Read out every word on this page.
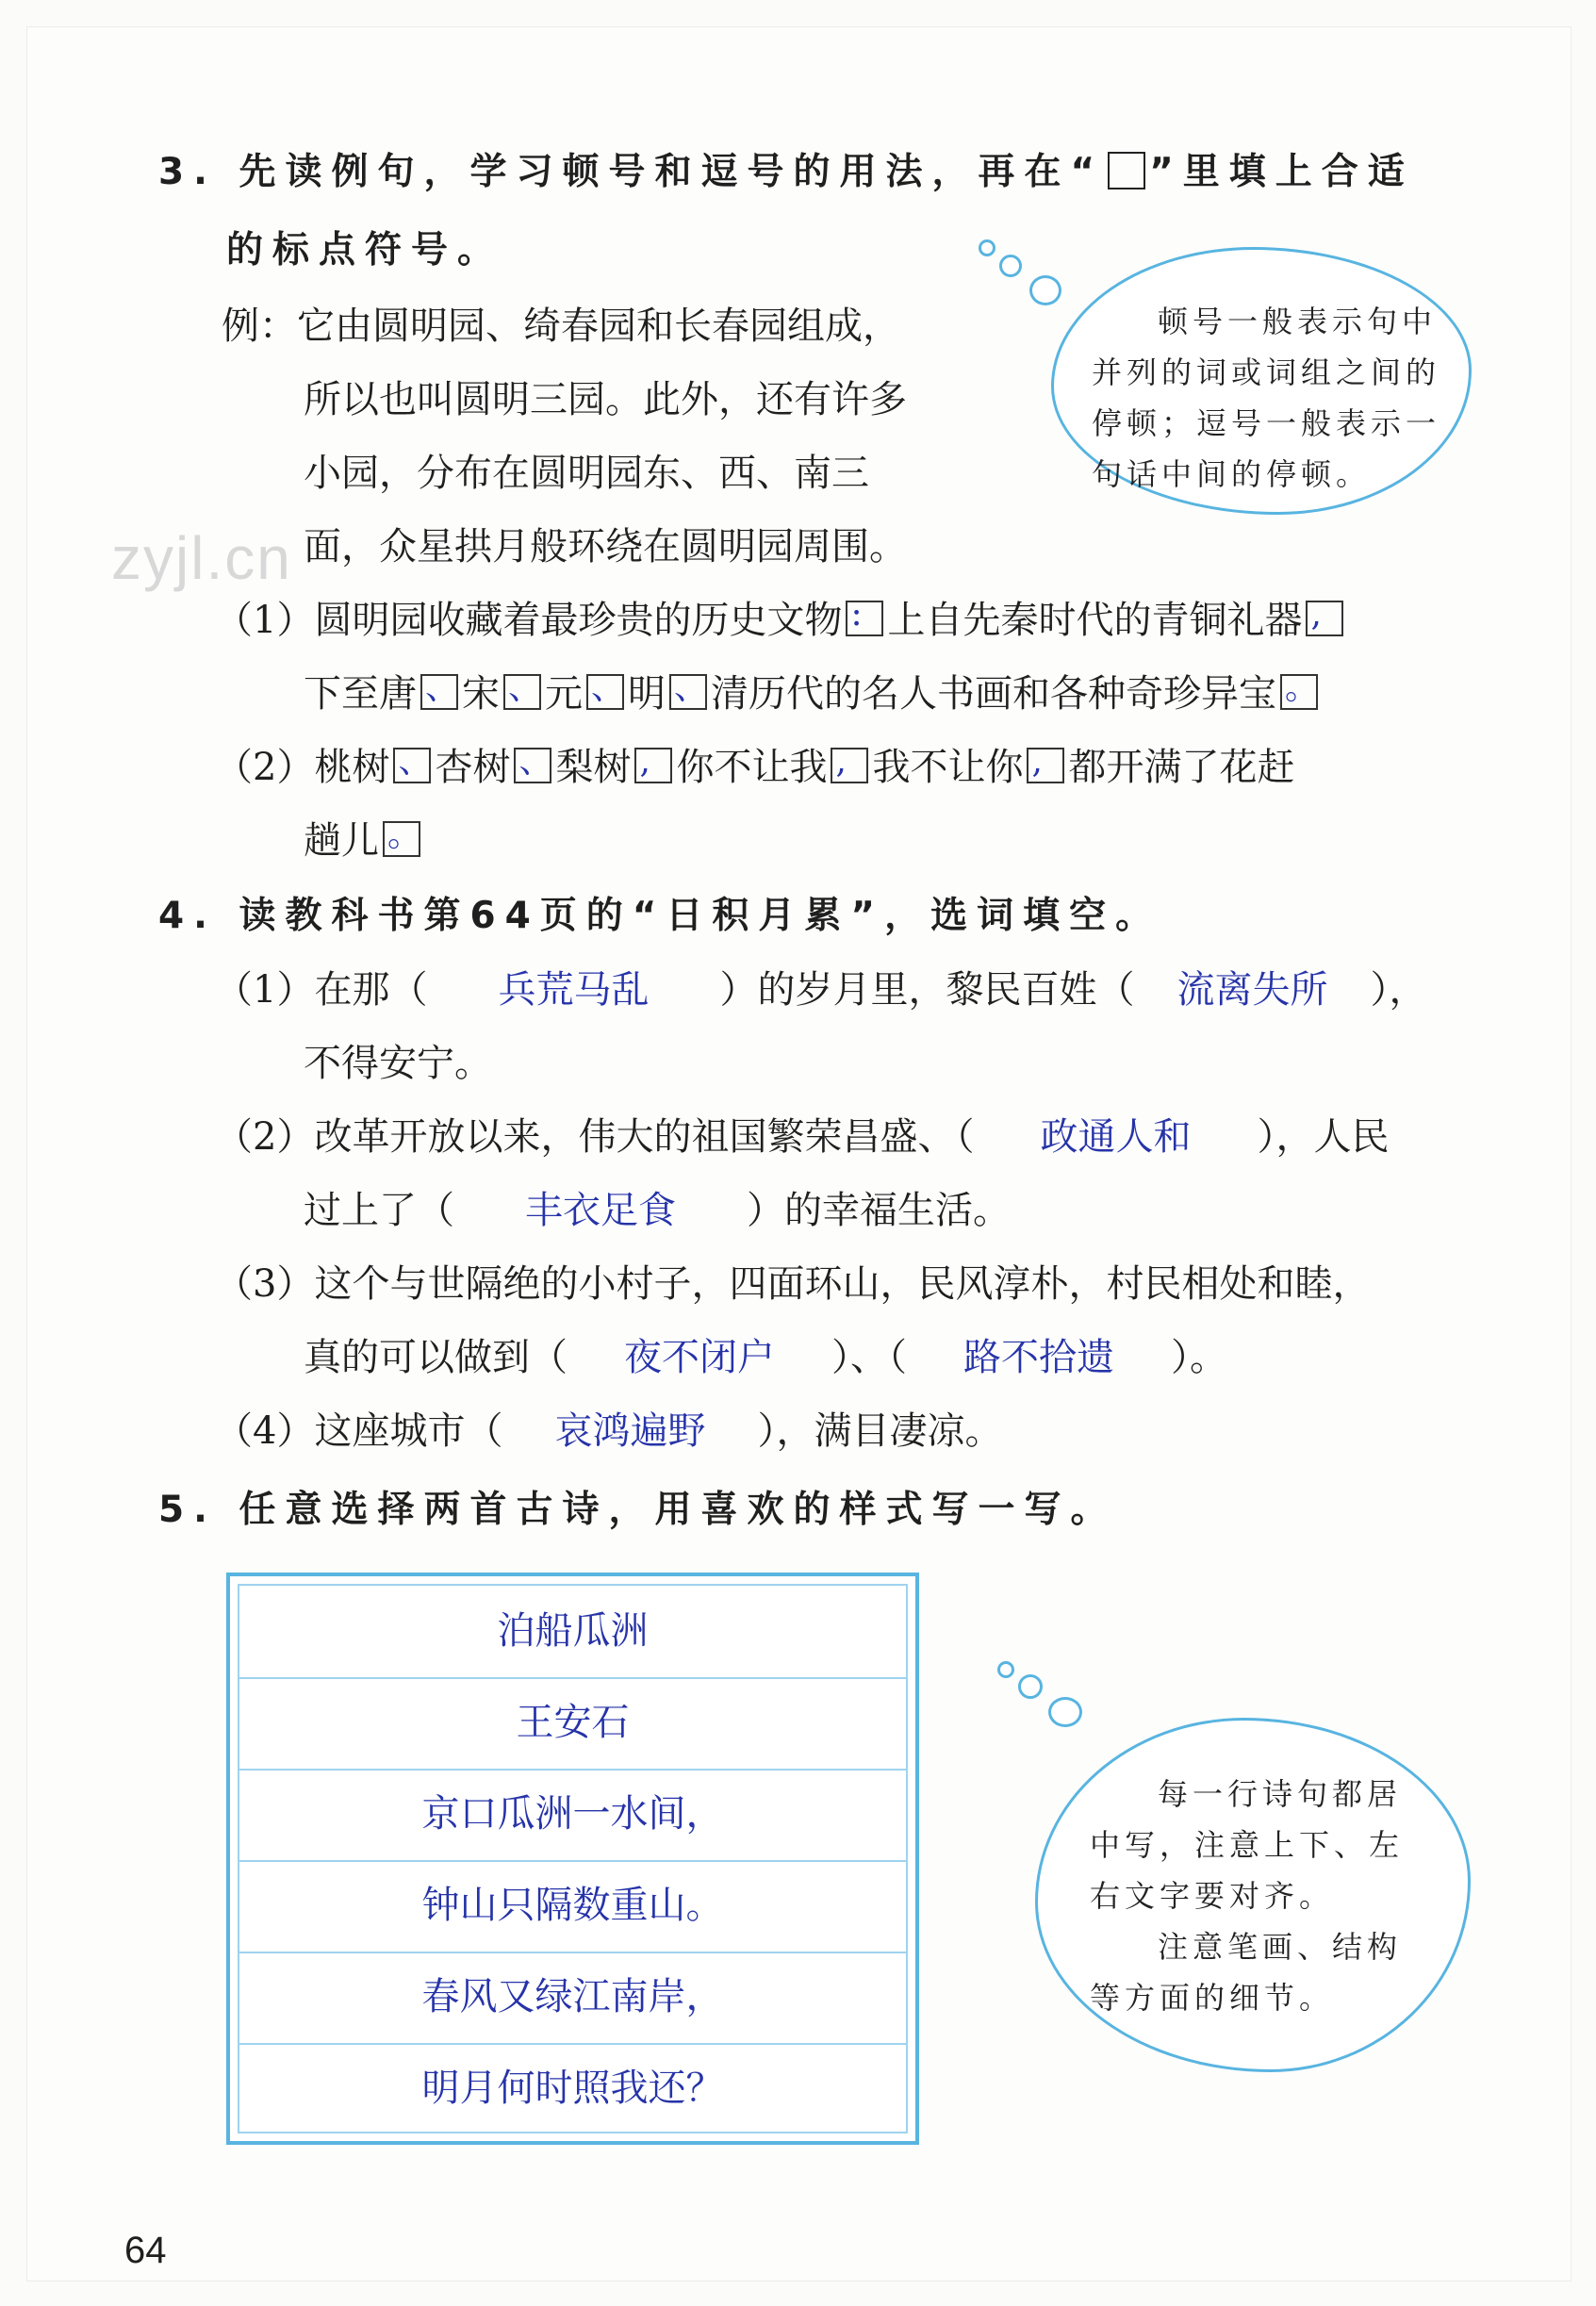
zyjl.cn
3. 先读例句，学习顿号和逗号的用法，再在“ ”里填上合适
的标点符号。
例：它由圆明园、绮春园和长春园组成，
所以也叫圆明三园。此外，还有许多
小园，分布在圆明园东、西、南三
面，众星拱月般环绕在圆明园周围。
顿号一般表示句中
并列的词或词组之间的
停顿；逗号一般表示一
句话中间的停顿。
（1）圆明园收藏着最珍贵的历史文物 : 上自先秦时代的青铜礼器 ,
下至唐 、 宋 、 元 、 明 、 清历代的名人书画和各种奇珍异宝 。
（2）桃树 、 杏树 、 梨树 , 你不让我 , 我不让你 , 都开满了花赶
趟儿 。
4. 读教科书第64页的“日积月累”，选词填空。
（1）在那（ 兵荒马乱 ）的岁月里，黎民百姓（ 流离失所 ），
不得安宁。
（2）改革开放以来，伟大的祖国繁荣昌盛、（ 政通人和 ），人民
过上了（ 丰衣足食 ）的幸福生活。
（3）这个与世隔绝的小村子，四面环山，民风淳朴，村民相处和睦，
真的可以做到（ 夜不闭户 ）、（ 路不拾遗 ）。
（4）这座城市（ 哀鸿遍野 ），满目凄凉。
5. 任意选择两首古诗，用喜欢的样式写一写。
泊船瓜洲
王安石
京口瓜洲一水间，
钟山只隔数重山。
春风又绿江南岸，
明月何时照我还？
每一行诗句都居
中写，注意上下、左
右文字要对齐。
注意笔画、结构
等方面的细节。
64
